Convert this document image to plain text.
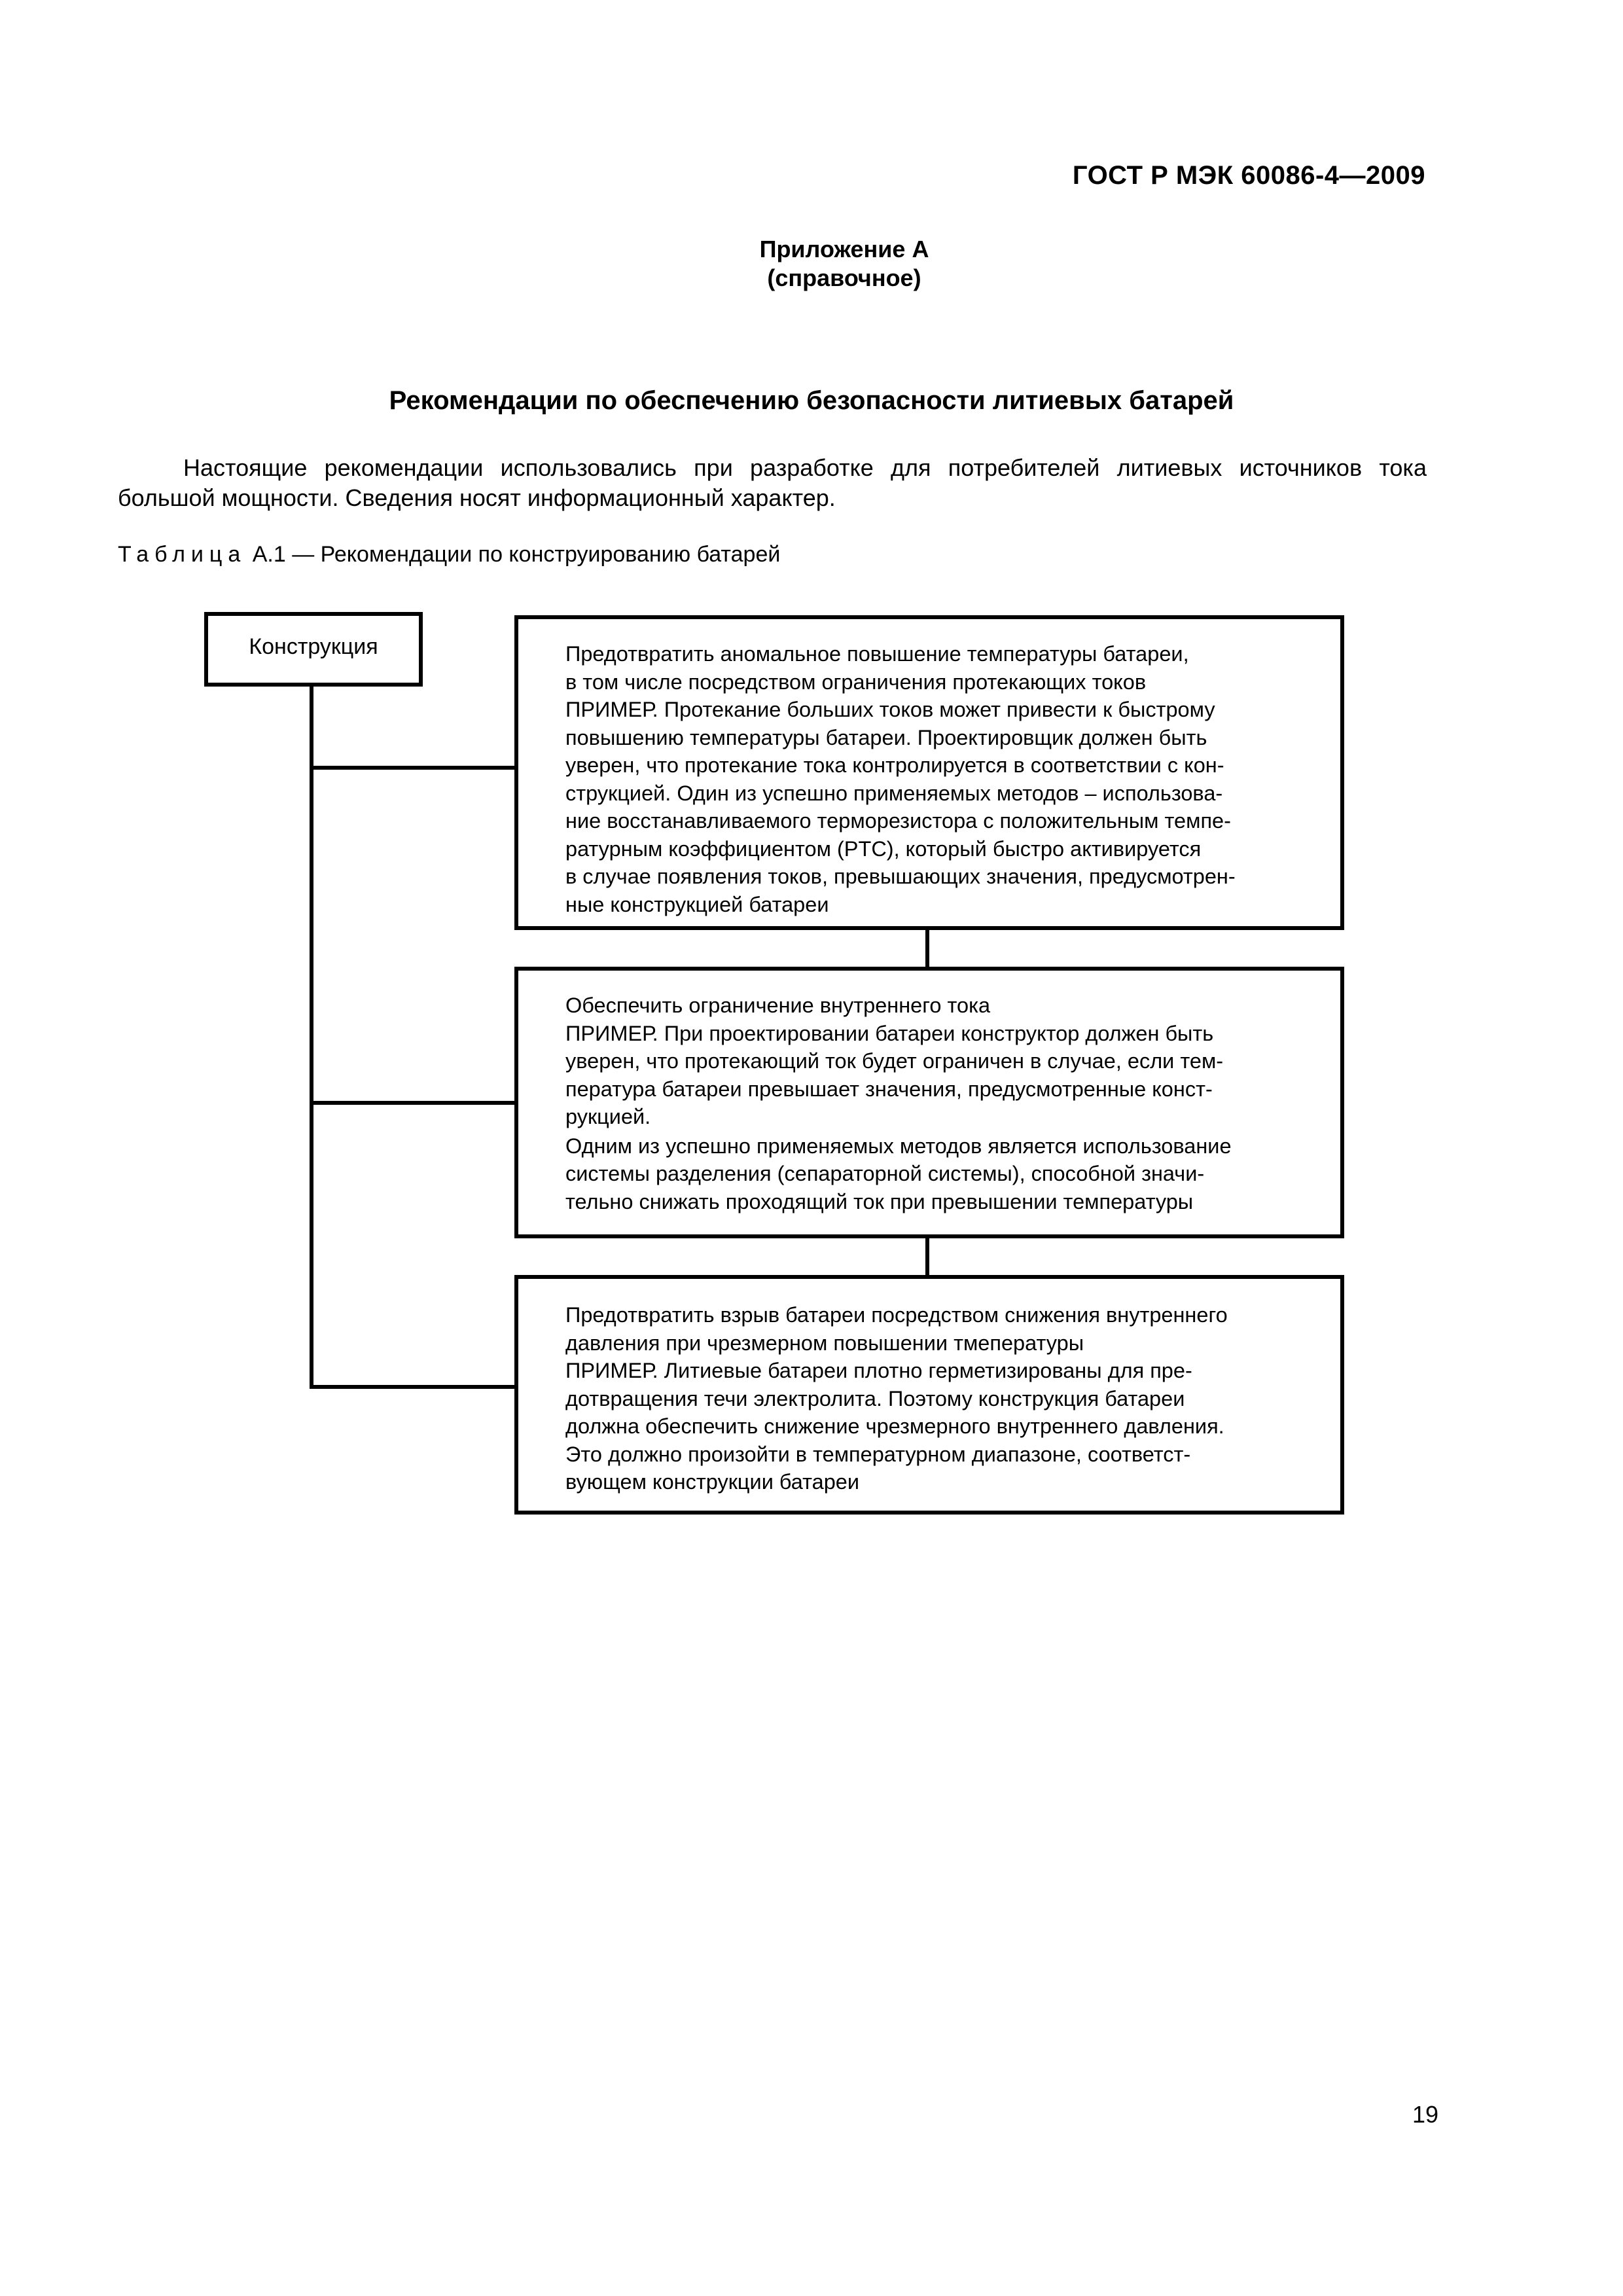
ГОСТ Р МЭК 60086-4—2009
Приложение А
(справочное)
Рекомендации по обеспечению безопасности литиевых батарей
Настоящие рекомендации использовались при разработке для потребителей литиевых источников тока большой мощности. Сведения носят информационный характер.
Таблица А.1 — Рекомендации по конструированию батарей
Конструкция	Предотвратить аномальное повышение температуры батареи,
в том числе посредством ограничения протекающих токов
ПРИМЕР. Протекание больших токов может привести к быстрому
повышению температуры батареи. Проектировщик должен быть
уверен, что протекание тока контролируется в соответствии с кон-
струкцией. Один из успешно применяемых методов – использова-
ние восстанавливаемого терморезистора с положительным темпе-
ратурным коэффициентом (PTC), который быстро активируется
в случае появления токов, превышающих значения, предусмотрен-
ные конструкцией батареи
Обеспечить ограничение внутреннего тока
ПРИМЕР. При проектировании батареи конструктор должен быть
уверен, что протекающий ток будет ограничен в случае, если тем-
пература батареи превышает значения, предусмотренные конст-
рукцией.
Одним из успешно применяемых методов является использование
системы разделения (сепараторной системы), способной значи-
тельно снижать проходящий ток при превышении температуры
Предотвратить взрыв батареи посредством снижения внутреннего
давления при чрезмерном повышении тмепературы
ПРИМЕР. Литиевые батареи плотно герметизированы для пре-
дотвращения течи электролита. Поэтому конструкция батареи
должна обеспечить снижение чрезмерного внутреннего давления.
Это должно произойти в температурном диапазоне, соответст-
вующем конструкции батареи
19
